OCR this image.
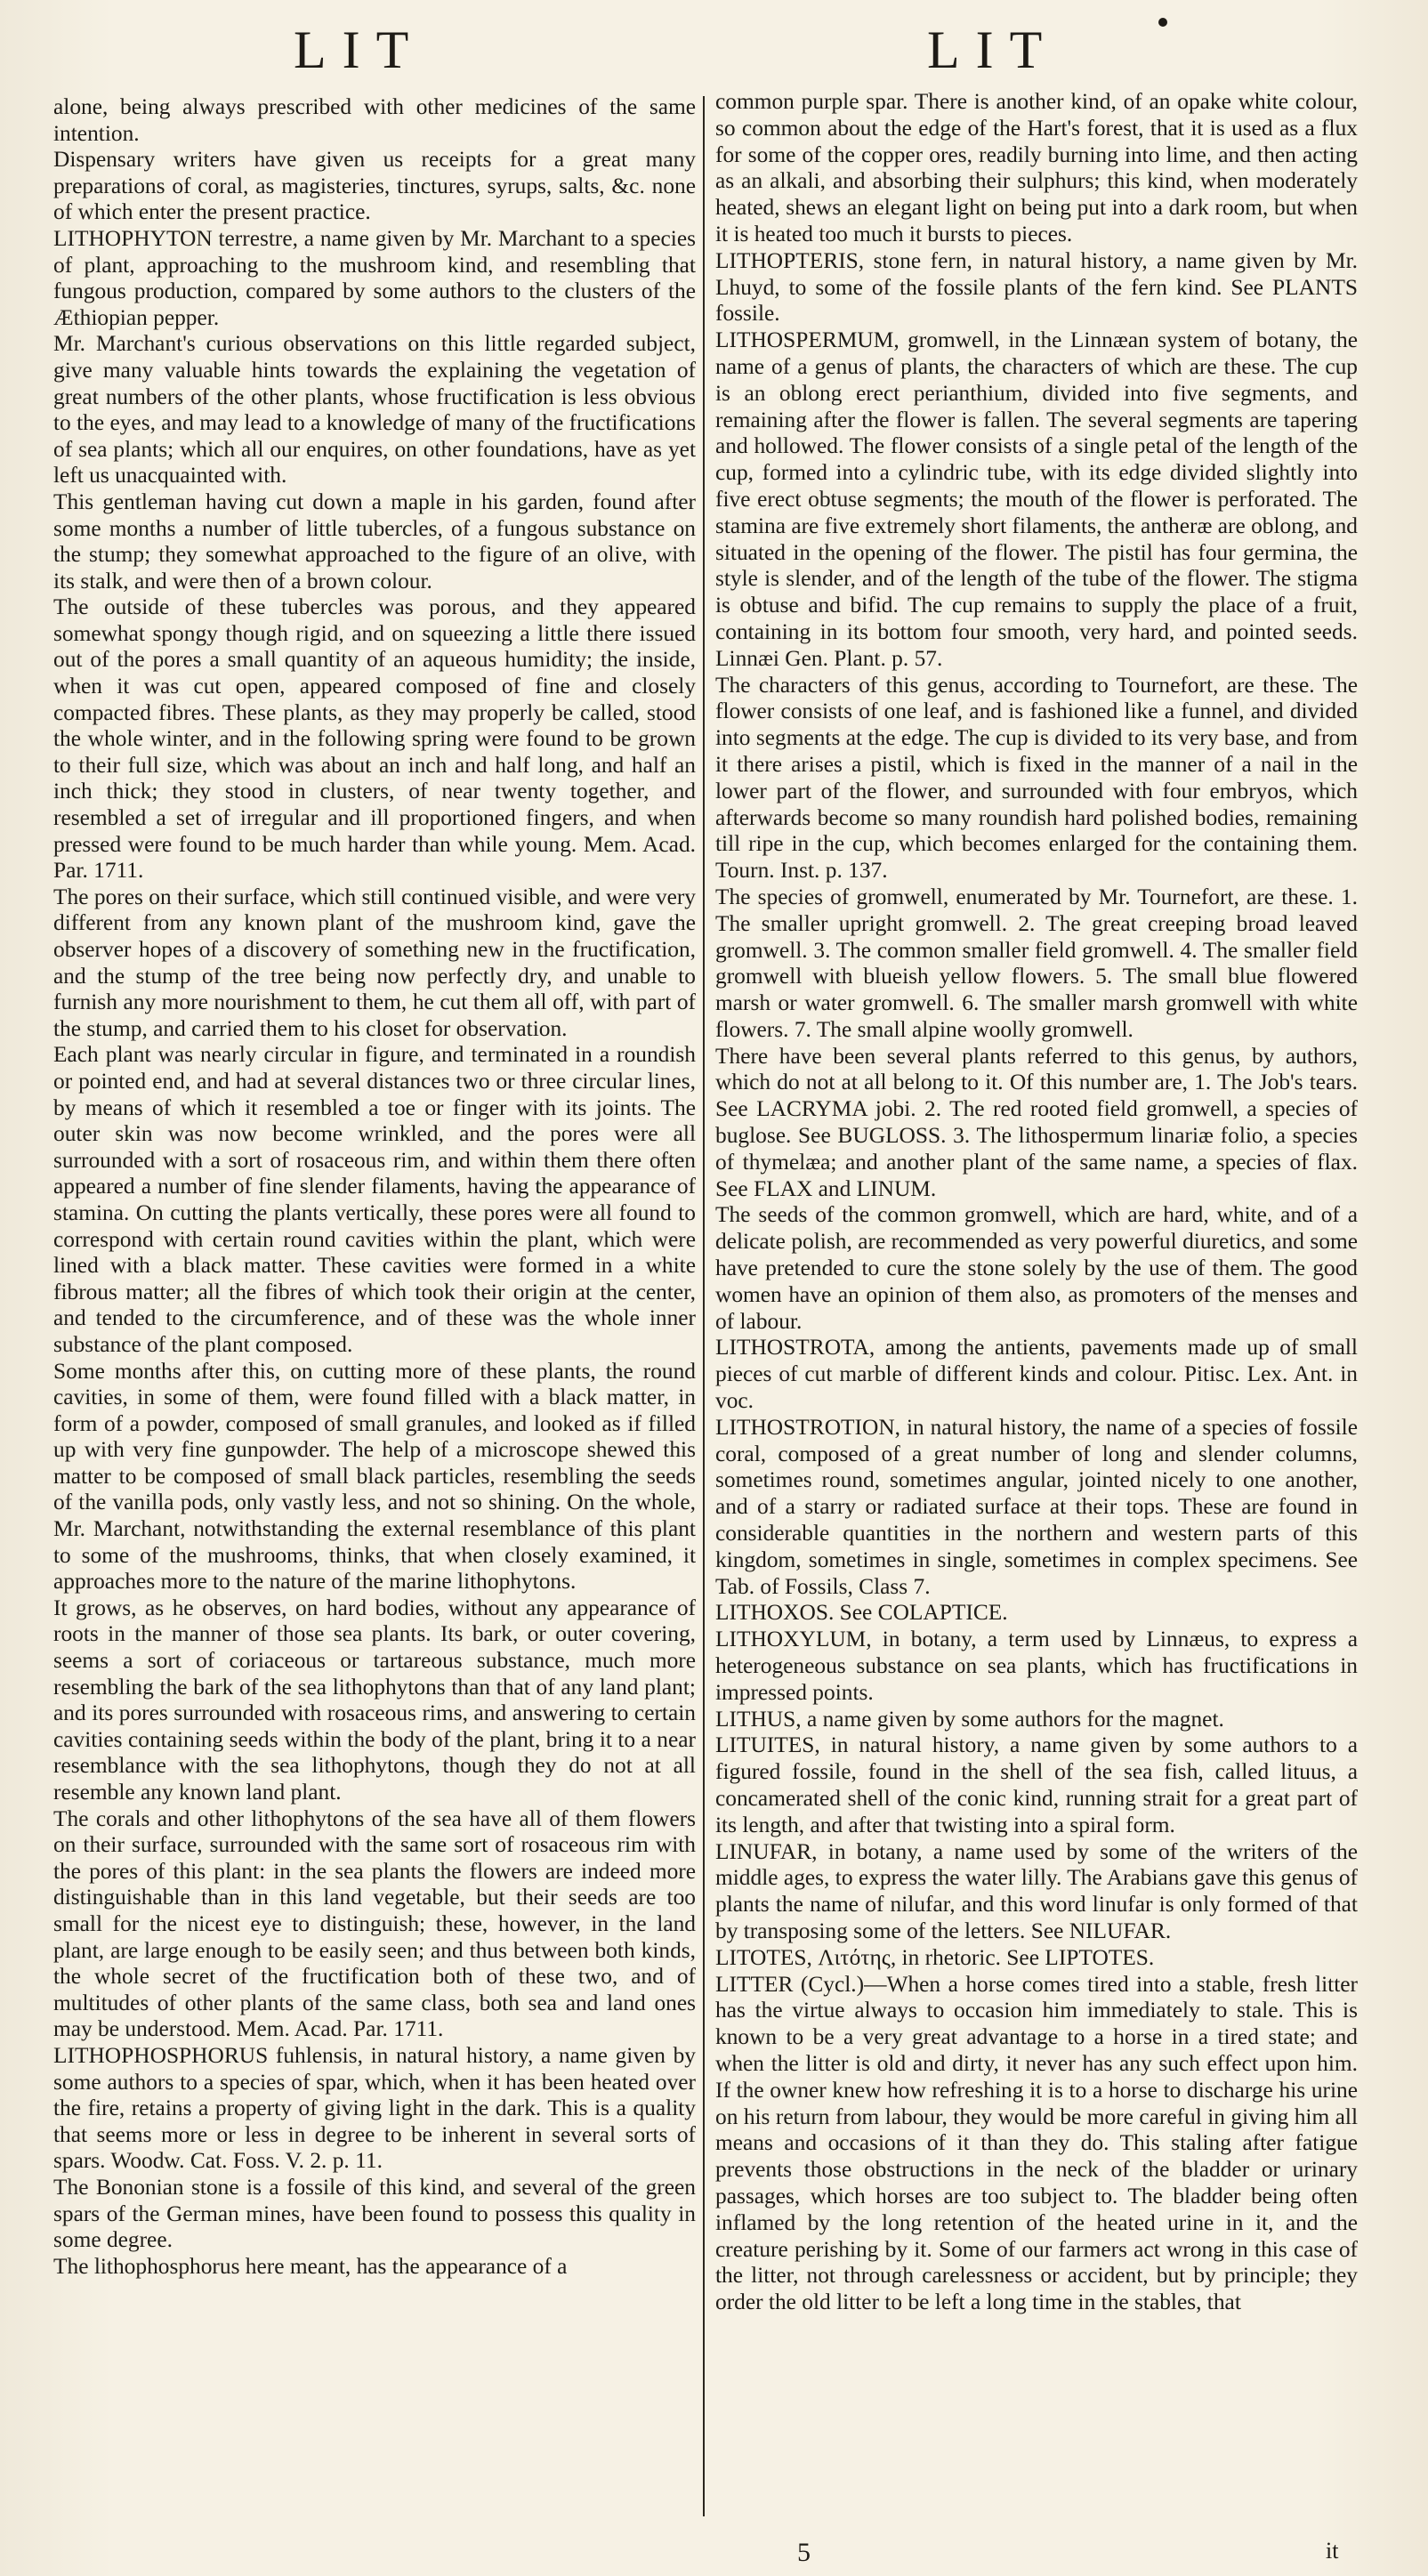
LIT	LIT

alone, being always prescribed with other medicines of the same intention.

Dispensary writers have given us receipts for a great many preparations of coral, as magisteries, tinctures, syrups, salts, &c. none of which enter the present practice.

LITHOPHYTON terrestre, a name given by Mr. Marchant to a species of plant, approaching to the mushroom kind, and resembling that fungous production, compared by some authors to the clusters of the Æthiopian pepper.

Mr. Marchant's curious observations on this little regarded subject, give many valuable hints towards the explaining the vegetation of great numbers of the other plants, whose fructification is less obvious to the eyes, and may lead to a knowledge of many of the fructifications of sea plants; which all our enquires, on other foundations, have as yet left us unacquainted with.

This gentleman having cut down a maple in his garden, found after some months a number of little tubercles, of a fungous substance on the stump; they somewhat approached to the figure of an olive, with its stalk, and were then of a brown colour.

The outside of these tubercles was porous, and they appeared somewhat spongy though rigid, and on squeezing a little there issued out of the pores a small quantity of an aqueous humidity; the inside, when it was cut open, appeared composed of fine and closely compacted fibres. These plants, as they may properly be called, stood the whole winter, and in the following spring were found to be grown to their full size, which was about an inch and half long, and half an inch thick; they stood in clusters, of near twenty together, and resembled a set of irregular and ill proportioned fingers, and when pressed were found to be much harder than while young. Mem. Acad. Par. 1711.

The pores on their surface, which still continued visible, and were very different from any known plant of the mushroom kind, gave the observer hopes of a discovery of something new in the fructification, and the stump of the tree being now perfectly dry, and unable to furnish any more nourishment to them, he cut them all off, with part of the stump, and carried them to his closet for observation.

Each plant was nearly circular in figure, and terminated in a roundish or pointed end, and had at several distances two or three circular lines, by means of which it resembled a toe or finger with its joints. The outer skin was now become wrinkled, and the pores were all surrounded with a sort of rosaceous rim, and within them there often appeared a number of fine slender filaments, having the appearance of stamina. On cutting the plants vertically, these pores were all found to correspond with certain round cavities within the plant, which were lined with a black matter. These cavities were formed in a white fibrous matter; all the fibres of which took their origin at the center, and tended to the circumference, and of these was the whole inner substance of the plant composed.

Some months after this, on cutting more of these plants, the round cavities, in some of them, were found filled with a black matter, in form of a powder, composed of small granules, and looked as if filled up with very fine gunpowder. The help of a microscope shewed this matter to be composed of small black particles, resembling the seeds of the vanilla pods, only vastly less, and not so shining. On the whole, Mr. Marchant, notwithstanding the external resemblance of this plant to some of the mushrooms, thinks, that when closely examined, it approaches more to the nature of the marine lithophytons.

It grows, as he observes, on hard bodies, without any appearance of roots in the manner of those sea plants. Its bark, or outer covering, seems a sort of coriaceous or tartareous substance, much more resembling the bark of the sea lithophytons than that of any land plant; and its pores surrounded with rosaceous rims, and answering to certain cavities containing seeds within the body of the plant, bring it to a near resemblance with the sea lithophytons, though they do not at all resemble any known land plant.

The corals and other lithophytons of the sea have all of them flowers on their surface, surrounded with the same sort of rosaceous rim with the pores of this plant: in the sea plants the flowers are indeed more distinguishable than in this land vegetable, but their seeds are too small for the nicest eye to distinguish; these, however, in the land plant, are large enough to be easily seen; and thus between both kinds, the whole secret of the fructification both of these two, and of multitudes of other plants of the same class, both sea and land ones may be understood. Mem. Acad. Par. 1711.

LITHOPHOSPHORUS fuhlensis, in natural history, a name given by some authors to a species of spar, which, when it has been heated over the fire, retains a property of giving light in the dark. This is a quality that seems more or less in degree to be inherent in several sorts of spars. Woodw. Cat. Foss. V. 2. p. 11.

The Bononian stone is a fossile of this kind, and several of the green spars of the German mines, have been found to possess this quality in some degree.

The lithophosphorus here meant, has the appearance of a

common purple spar. There is another kind, of an opake white colour, so common about the edge of the Hart's forest, that it is used as a flux for some of the copper ores, readily burning into lime, and then acting as an alkali, and absorbing their sulphurs; this kind, when moderately heated, shews an elegant light on being put into a dark room, but when it is heated too much it bursts to pieces.

LITHOPTERIS, stone fern, in natural history, a name given by Mr. Lhuyd, to some of the fossile plants of the fern kind. See PLANTS fossile.

LITHOSPERMUM, gromwell, in the Linnæan system of botany, the name of a genus of plants, the characters of which are these. The cup is an oblong erect perianthium, divided into five segments, and remaining after the flower is fallen. The several segments are tapering and hollowed. The flower consists of a single petal of the length of the cup, formed into a cylindric tube, with its edge divided slightly into five erect obtuse segments; the mouth of the flower is perforated. The stamina are five extremely short filaments, the antheræ are oblong, and situated in the opening of the flower. The pistil has four germina, the style is slender, and of the length of the tube of the flower. The stigma is obtuse and bifid. The cup remains to supply the place of a fruit, containing in its bottom four smooth, very hard, and pointed seeds. Linnæi Gen. Plant. p. 57.

The characters of this genus, according to Tournefort, are these. The flower consists of one leaf, and is fashioned like a funnel, and divided into segments at the edge. The cup is divided to its very base, and from it there arises a pistil, which is fixed in the manner of a nail in the lower part of the flower, and surrounded with four embryos, which afterwards become so many roundish hard polished bodies, remaining till ripe in the cup, which becomes enlarged for the containing them. Tourn. Inst. p. 137.

The species of gromwell, enumerated by Mr. Tournefort, are these. 1. The smaller upright gromwell. 2. The great creeping broad leaved gromwell. 3. The common smaller field gromwell. 4. The smaller field gromwell with blueish yellow flowers. 5. The small blue flowered marsh or water gromwell. 6. The smaller marsh gromwell with white flowers. 7. The small alpine woolly gromwell.

There have been several plants referred to this genus, by authors, which do not at all belong to it. Of this number are, 1. The Job's tears. See LACRYMA jobi. 2. The red rooted field gromwell, a species of buglose. See BUGLOSS. 3. The lithospermum linariæ folio, a species of thymelæa; and another plant of the same name, a species of flax. See FLAX and LINUM.

The seeds of the common gromwell, which are hard, white, and of a delicate polish, are recommended as very powerful diuretics, and some have pretended to cure the stone solely by the use of them. The good women have an opinion of them also, as promoters of the menses and of labour.

LITHOSTROTA, among the antients, pavements made up of small pieces of cut marble of different kinds and colour. Pitisc. Lex. Ant. in voc.

LITHOSTROTION, in natural history, the name of a species of fossile coral, composed of a great number of long and slender columns, sometimes round, sometimes angular, jointed nicely to one another, and of a starry or radiated surface at their tops. These are found in considerable quantities in the northern and western parts of this kingdom, sometimes in single, sometimes in complex specimens. See Tab. of Fossils, Class 7.

LITHOXOS. See COLAPTICE.

LITHOXYLUM, in botany, a term used by Linnæus, to express a heterogeneous substance on sea plants, which has fructifications in impressed points.

LITHUS, a name given by some authors for the magnet.

LITUITES, in natural history, a name given by some authors to a figured fossile, found in the shell of the sea fish, called lituus, a concamerated shell of the conic kind, running strait for a great part of its length, and after that twisting into a spiral form.

LINUFAR, in botany, a name used by some of the writers of the middle ages, to express the water lilly. The Arabians gave this genus of plants the name of nilufar, and this word linufar is only formed of that by transposing some of the letters. See NILUFAR.

LITOTES, Λιτότης, in rhetoric. See LIPTOTES.

LITTER (Cycl.)—When a horse comes tired into a stable, fresh litter has the virtue always to occasion him immediately to stale. This is known to be a very great advantage to a horse in a tired state; and when the litter is old and dirty, it never has any such effect upon him. If the owner knew how refreshing it is to a horse to discharge his urine on his return from labour, they would be more careful in giving him all means and occasions of it than they do. This staling after fatigue prevents those obstructions in the neck of the bladder or urinary passages, which horses are too subject to. The bladder being often inflamed by the long retention of the heated urine in it, and the creature perishing by it. Some of our farmers act wrong in this case of the litter, not through carelessness or accident, but by principle; they order the old litter to be left a long time in the stables, that

5	it
